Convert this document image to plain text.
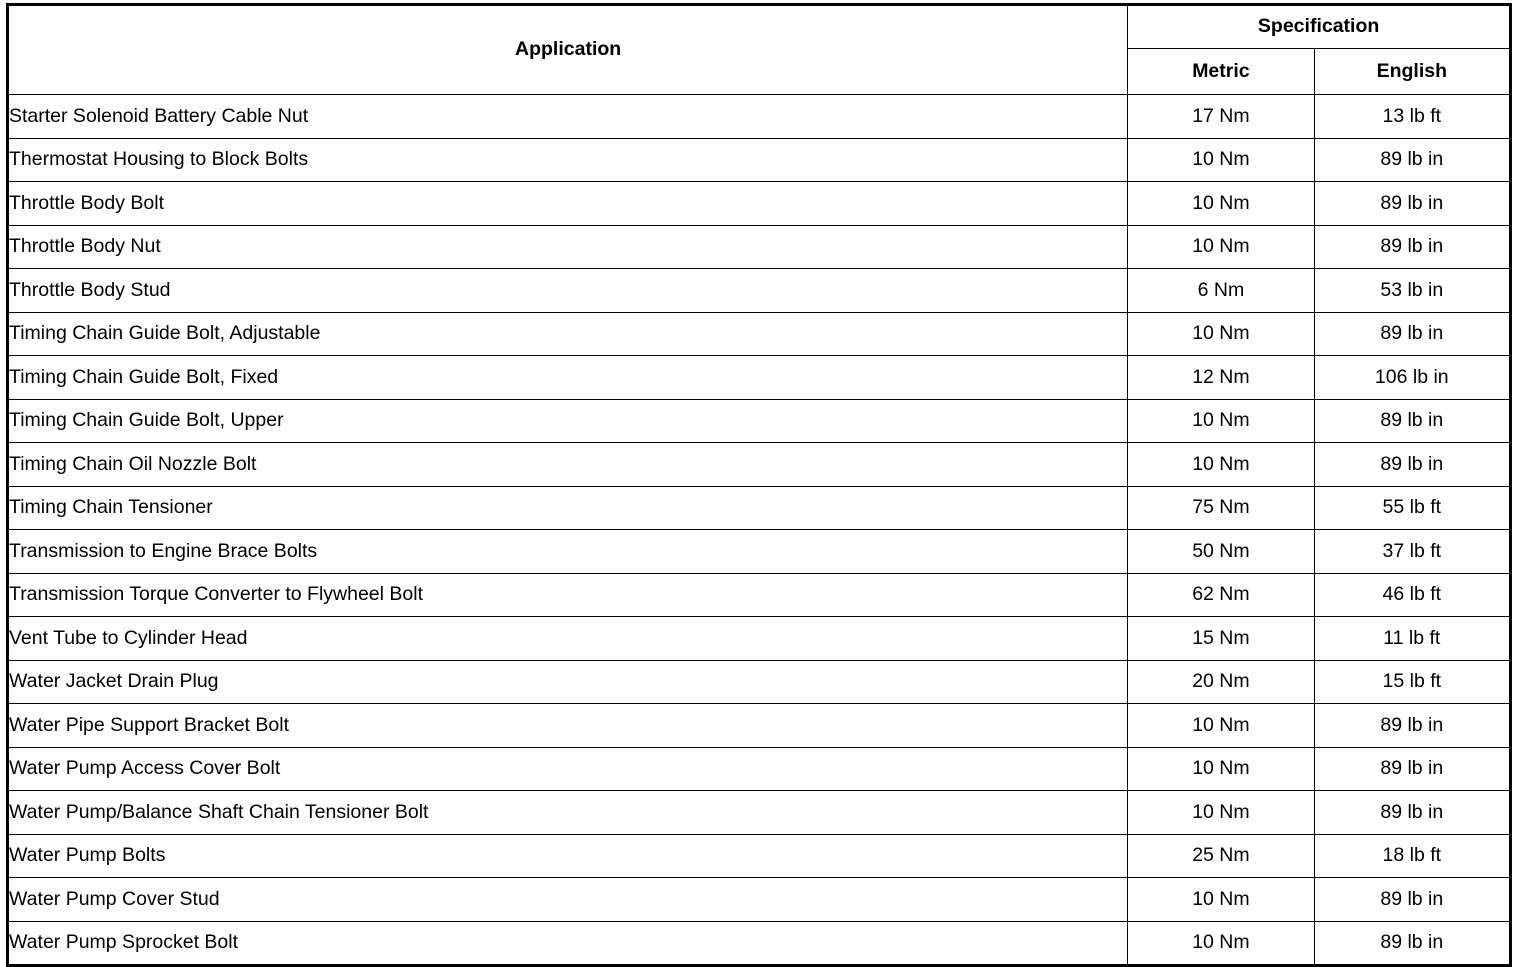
Application	Specification	
	Metric	English
Starter Solenoid Battery Cable Nut	17 Nm	13 lb ft
Thermostat Housing to Block Bolts	10 Nm	89 lb in
Throttle Body Bolt	10 Nm	89 lb in
Throttle Body Nut	10 Nm	89 lb in
Throttle Body Stud	6 Nm	53 lb in
Timing Chain Guide Bolt, Adjustable	10 Nm	89 lb in
Timing Chain Guide Bolt, Fixed	12 Nm	106 lb in
Timing Chain Guide Bolt, Upper	10 Nm	89 lb in
Timing Chain Oil Nozzle Bolt	10 Nm	89 lb in
Timing Chain Tensioner	75 Nm	55 lb ft
Transmission to Engine Brace Bolts	50 Nm	37 lb ft
Transmission Torque Converter to Flywheel Bolt	62 Nm	46 lb ft
Vent Tube to Cylinder Head	15 Nm	11 lb ft
Water Jacket Drain Plug	20 Nm	15 lb ft
Water Pipe Support Bracket Bolt	10 Nm	89 lb in
Water Pump Access Cover Bolt	10 Nm	89 lb in
Water Pump/Balance Shaft Chain Tensioner Bolt	10 Nm	89 lb in
Water Pump Bolts	25 Nm	18 lb ft
Water Pump Cover Stud	10 Nm	89 lb in
Water Pump Sprocket Bolt	10 Nm	89 lb in
